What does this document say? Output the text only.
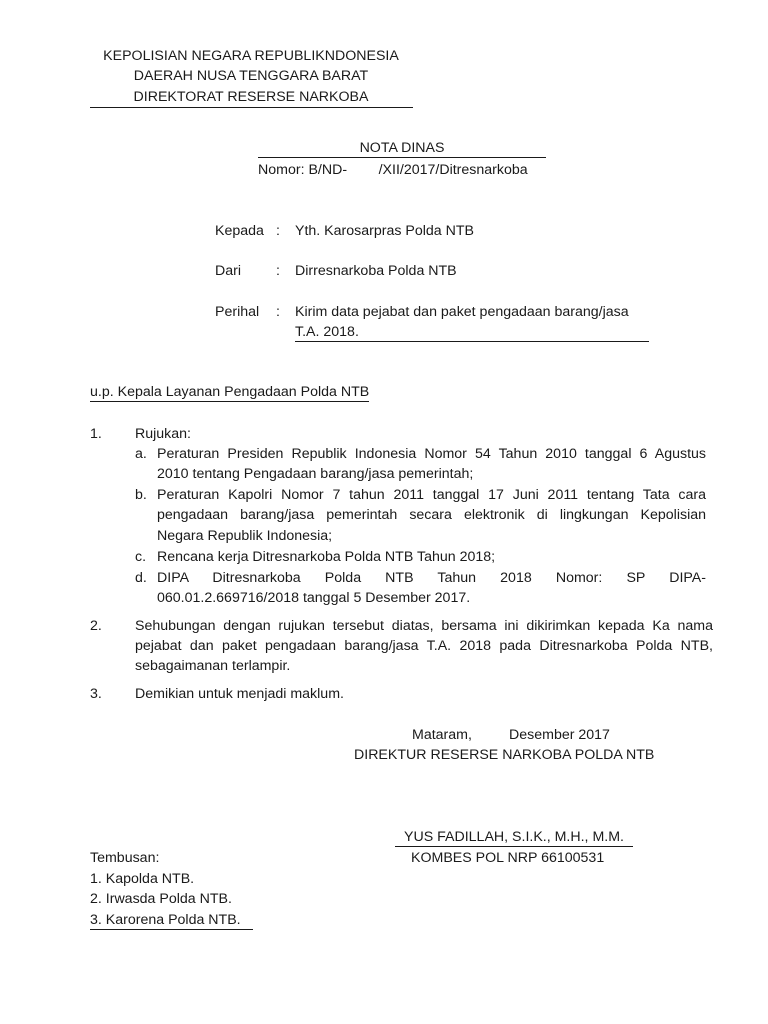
KEPOLISIAN NEGARA REPUBLIKNDONESIA
DAERAH NUSA TENGGARA BARAT
DIREKTORAT RESERSE NARKOBA
NOTA DINAS
Nomor: B/ND-        /XII/2017/Ditresnarkoba
Kepada : Yth. Karosarpras Polda NTB
Dari : Dirresnarkoba Polda NTB
Perihal : Kirim data pejabat dan paket pengadaan barang/jasa
T.A. 2018.
u.p. Kepala Layanan Pengadaan Polda NTB
1. Rujukan:
a. Peraturan Presiden Republik Indonesia Nomor 54 Tahun 2010 tanggal 6 Agustus
2010 tentang Pengadaan barang/jasa pemerintah;
b. Peraturan Kapolri Nomor 7 tahun 2011 tanggal 17 Juni 2011 tentang Tata cara
pengadaan barang/jasa pemerintah secara elektronik di lingkungan Kepolisian
Negara Republik Indonesia;
c. Rencana kerja Ditresnarkoba Polda NTB Tahun 2018;
d. DIPA Ditresnarkoba Polda NTB Tahun 2018 Nomor: SP DIPA-
060.01.2.669716/2018 tanggal 5 Desember 2017.
2. Sehubungan dengan rujukan tersebut diatas, bersama ini dikirimkan kepada Ka nama
pejabat dan paket pengadaan barang/jasa T.A. 2018 pada Ditresnarkoba Polda NTB,
sebagaimanan terlampir.
3. Demikian untuk menjadi maklum.
Mataram,	Desember 2017
DIREKTUR RESERSE NARKOBA POLDA NTB
YUS FADILLAH, S.I.K., M.H., M.M.
KOMBES POL NRP 66100531
Tembusan:
1. Kapolda NTB.
2. Irwasda Polda NTB.
3. Karorena Polda NTB.
